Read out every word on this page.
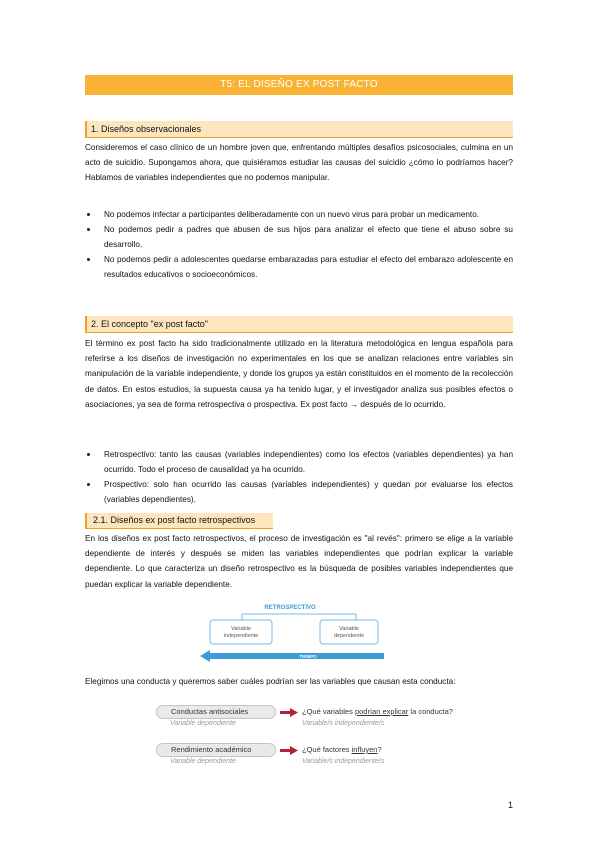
T5: EL DISEÑO EX POST FACTO
1. Diseños observacionales

Consideremos el caso clínico de un hombre joven que, enfrentando múltiples desafíos psicosociales, culmina en un acto de suicidio. Supongamos ahora, que quisiéramos estudiar las causas del suicidio ¿cómo lo podríamos hacer? Hablamos de variables independientes que no podemos manipular.

No podemos infectar a participantes deliberadamente con un nuevo virus para probar un medicamento.
No podemos pedir a padres que abusen de sus hijos para analizar el efecto que tiene el abuso sobre su desarrollo.
No podemos pedir a adolescentes quedarse embarazadas para estudiar el efecto del embarazo adolescente en resultados educativos o socioeconómicos.
2. El concepto "ex post facto"

El término ex post facto ha sido tradicionalmente utilizado en la literatura metodológica en lengua española para referirse a los diseños de investigación no experimentales en los que se analizan relaciones entre variables sin manipulación de la variable independiente, y donde los grupos ya están constituidos en el momento de la recolección de datos. En estos estudios, la supuesta causa ya ha tenido lugar, y el investigador analiza sus posibles efectos o asociaciones, ya sea de forma retrospectiva o prospectiva. Ex post facto → después de lo ocurrido.

Retrospectivo: tanto las causas (variables independientes) como los efectos (variables dependientes) ya han ocurrido. Todo el proceso de causalidad ya ha ocurrido.
Prospectivo: solo han ocurrido las causas (variables independientes) y quedan por evaluarse los efectos (variables dependientes).
2.1. Diseños ex post facto retrospectivos

En los diseños ex post facto retrospectivos, el proceso de investigación es "al revés": primero se elige a la variable dependiente de interés y después se miden las variables independientes que podrían explicar la variable dependiente. Lo que caracteriza un diseño retrospectivo es la búsqueda de posibles variables independientes que puedan explicar la variable dependiente.

RETROSPECTIVO
Variable independiente
Variable dependiente
TIEMPO

Elegimos una conducta y queremos saber cuáles podrían ser las variables que causan esta conducta:

Conductas antisociales
Variable dependiente
¿Qué variables podrían explicar la conducta?
Variable/s independiente/s
Rendimiento académico
Variable dependiente
¿Qué factores influyen?
Variable/s independiente/s
1
